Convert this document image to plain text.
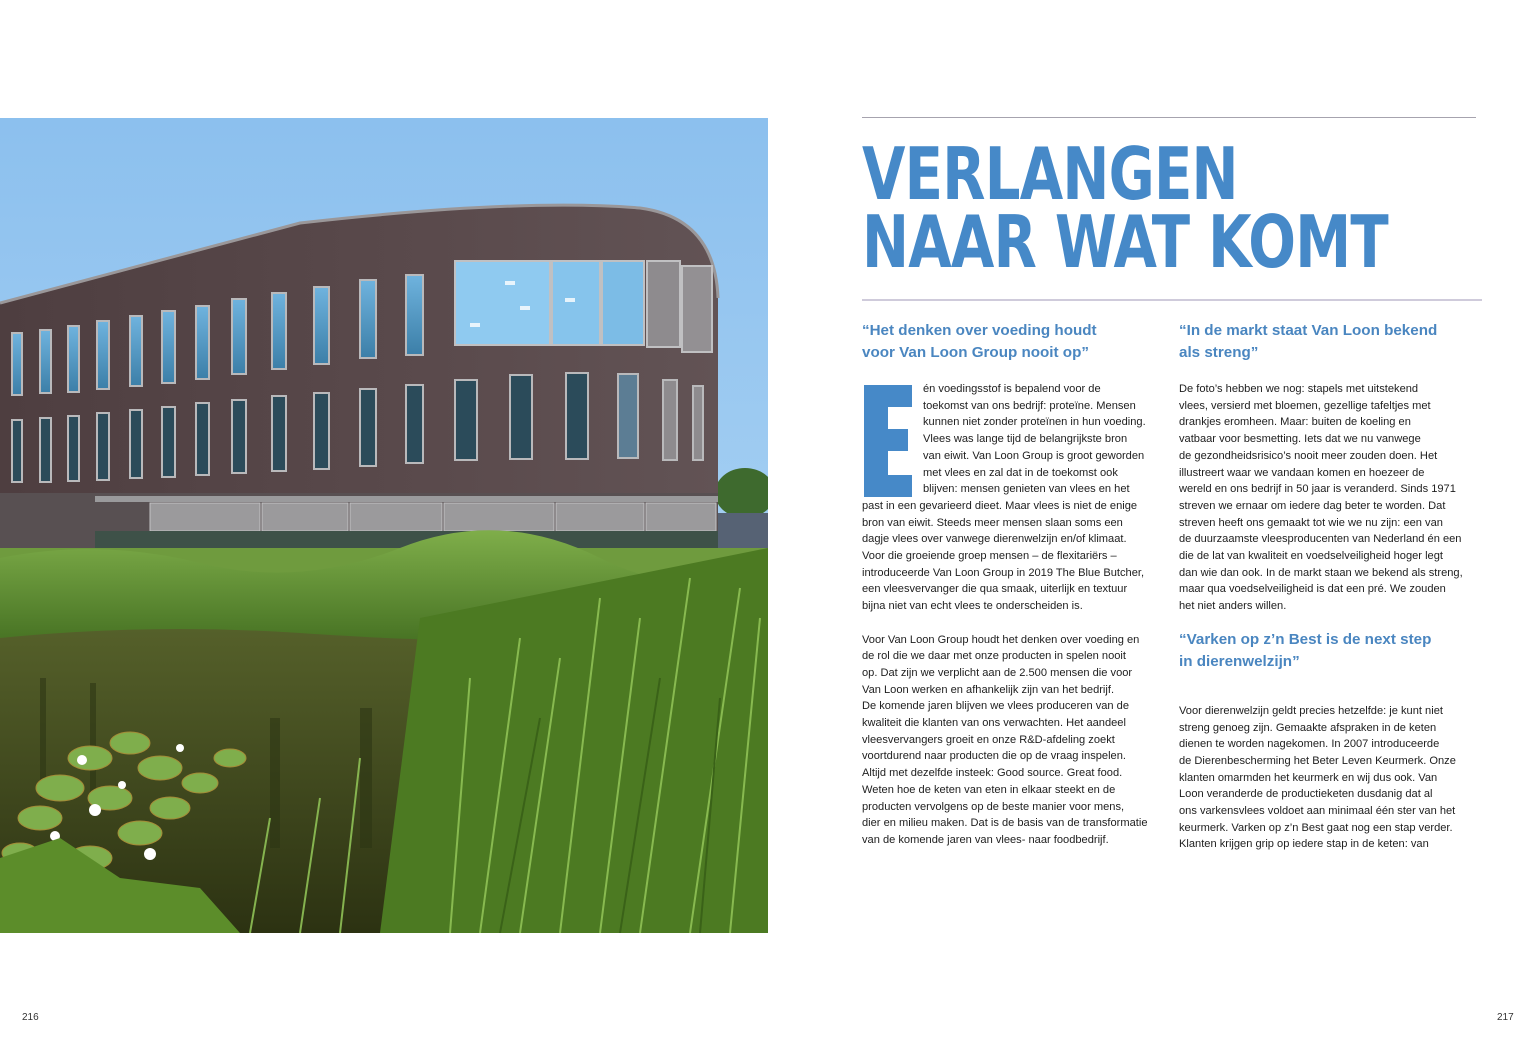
216
VERLANGEN
NAAR WAT KOMT
“Het denken over voeding houdt
voor Van Loon Group nooit op”

én voedingsstof is bepalend voor de
toekomst van ons bedrijf: proteïne. Mensen
kunnen niet zonder proteïnen in hun voeding.
Vlees was lange tijd de belangrijkste bron
van eiwit. Van Loon Group is groot geworden
met vlees en zal dat in de toekomst ook
blijven: mensen genieten van vlees en het
past in een gevarieerd dieet. Maar vlees is niet de enige
bron van eiwit. Steeds meer mensen slaan soms een
dagje vlees over vanwege dierenwelzijn en/of klimaat.
Voor die groeiende groep mensen – de flexitariërs –
introduceerde Van Loon Group in 2019 The Blue Butcher,
een vleesvervanger die qua smaak, uiterlijk en textuur
bijna niet van echt vlees te onderscheiden is.

Voor Van Loon Group houdt het denken over voeding en
de rol die we daar met onze producten in spelen nooit
op. Dat zijn we verplicht aan de 2.500 mensen die voor
Van Loon werken en afhankelijk zijn van het bedrijf.
De komende jaren blijven we vlees produceren van de
kwaliteit die klanten van ons verwachten. Het aandeel
vleesvervangers groeit en onze R&D-afdeling zoekt
voortdurend naar producten die op de vraag inspelen.
Altijd met dezelfde insteek: Good source. Great food.
Weten hoe de keten van eten in elkaar steekt en de
producten vervolgens op de beste manier voor mens,
dier en milieu maken. Dat is de basis van de transformatie
van de komende jaren van vlees- naar foodbedrijf.

“In de markt staat Van Loon bekend
als streng”

De foto’s hebben we nog: stapels met uitstekend
vlees, versierd met bloemen, gezellige tafeltjes met
drankjes eromheen. Maar: buiten de koeling en
vatbaar voor besmetting. Iets dat we nu vanwege
de gezondheidsrisico’s nooit meer zouden doen. Het
illustreert waar we vandaan komen en hoezeer de
wereld en ons bedrijf in 50 jaar is veranderd. Sinds 1971
streven we ernaar om iedere dag beter te worden. Dat
streven heeft ons gemaakt tot wie we nu zijn: een van
de duurzaamste vleesproducenten van Nederland én een
die de lat van kwaliteit en voedselveiligheid hoger legt
dan wie dan ook. In de markt staan we bekend als streng,
maar qua voedselveiligheid is dat een pré. We zouden
het niet anders willen.

“Varken op z’n Best is de next step
in dierenwelzijn”

Voor dierenwelzijn geldt precies hetzelfde: je kunt niet
streng genoeg zijn. Gemaakte afspraken in de keten
dienen te worden nagekomen. In 2007 introduceerde
de Dierenbescherming het Beter Leven Keurmerk. Onze
klanten omarmden het keurmerk en wij dus ook. Van
Loon veranderde de productieketen dusdanig dat al
ons varkensvlees voldoet aan minimaal één ster van het
keurmerk. Varken op z’n Best gaat nog een stap verder.
Klanten krijgen grip op iedere stap in de keten: van

217
